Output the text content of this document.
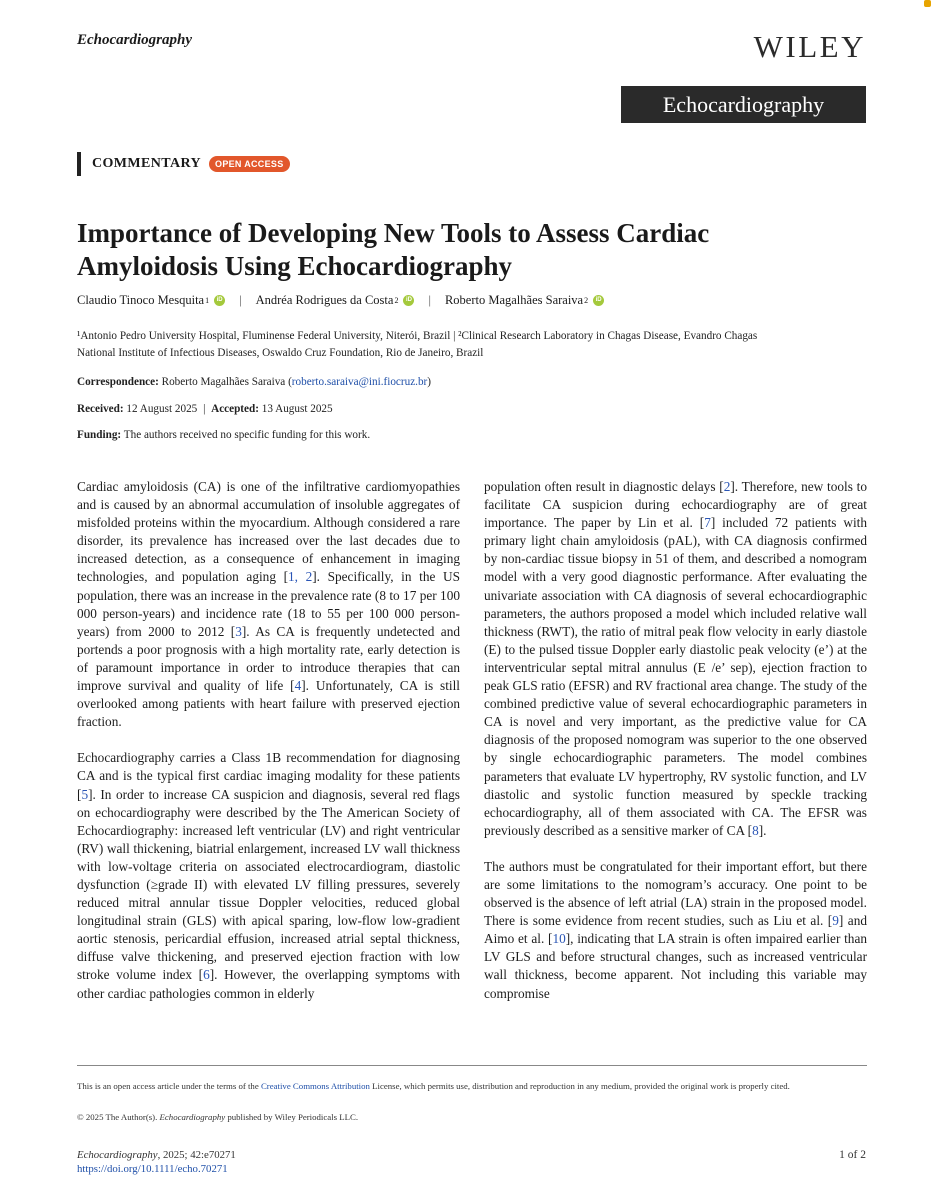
Echocardiography	WILEY
Echocardiography
COMMENTARY	OPEN ACCESS
Importance of Developing New Tools to Assess Cardiac Amyloidosis Using Echocardiography
Claudio Tinoco Mesquita 1	iD | Andréa Rodrigues da Costa 2	iD | Roberto Magalhães Saraiva 2	iD
¹Antonio Pedro University Hospital, Fluminense Federal University, Niterói, Brazil | ²Clinical Research Laboratory in Chagas Disease, Evandro Chagas
National Institute of Infectious Diseases, Oswaldo Cruz Foundation, Rio de Janeiro, Brazil
Correspondence: Roberto Magalhães Saraiva (roberto.saraiva@ini.fiocruz.br)
Received: 12 August 2025 | Accepted: 13 August 2025
Funding: The authors received no specific funding for this work.

Cardiac amyloidosis (CA) is one of the infiltrative cardiomyopathies and is caused by an abnormal accumulation of insoluble aggregates of misfolded proteins within the myocardium. Although considered a rare disorder, its prevalence has increased over the last decades due to increased detection, as a consequence of enhancement in imaging technologies, and population aging [1, 2]. Specifically, in the US population, there was an increase in the prevalence rate (8 to 17 per 100 000 person-years) and incidence rate (18 to 55 per 100 000 person-years) from 2000 to 2012 [3]. As CA is frequently undetected and portends a poor prognosis with a high mortality rate, early detection is of paramount importance in order to introduce therapies that can improve survival and quality of life [4]. Unfortunately, CA is still overlooked among patients with heart failure with preserved ejection fraction.

Echocardiography carries a Class 1B recommendation for diagnosing CA and is the typical first cardiac imaging modality for these patients [5]. In order to increase CA suspicion and diagnosis, several red flags on echocardiography were described by the The American Society of Echocardiography: increased left ventricular (LV) and right ventricular (RV) wall thickening, biatrial enlargement, increased LV wall thickness with low-voltage criteria on associated electrocardiogram, diastolic dysfunction (≥grade II) with elevated LV filling pressures, severely reduced mitral annular tissue Doppler velocities, reduced global longitudinal strain (GLS) with apical sparing, low-flow low-gradient aortic stenosis, pericardial effusion, increased atrial septal thickness, diffuse valve thickening, and preserved ejection fraction with low stroke volume index [6]. However, the overlapping symptoms with other cardiac pathologies common in elderly

population often result in diagnostic delays [2]. Therefore, new tools to facilitate CA suspicion during echocardiography are of great importance. The paper by Lin et al. [7] included 72 patients with primary light chain amyloidosis (pAL), with CA diagnosis confirmed by non-cardiac tissue biopsy in 51 of them, and described a nomogram model with a very good diagnostic performance. After evaluating the univariate association with CA diagnosis of several echocardiographic parameters, the authors proposed a model which included relative wall thickness (RWT), the ratio of mitral peak flow velocity in early diastole (E) to the pulsed tissue Doppler early diastolic peak velocity (e’) at the interventricular septal mitral annulus (E /e’ sep), ejection fraction to peak GLS ratio (EFSR) and RV fractional area change. The study of the combined predictive value of several echocardiographic parameters in CA is novel and very important, as the predictive value for CA diagnosis of the proposed nomogram was superior to the one observed by single echocardiographic parameters. The model combines parameters that evaluate LV hypertrophy, RV systolic function, and LV diastolic and systolic function measured by speckle tracking echocardiography, all of them associated with CA. The EFSR was previously described as a sensitive marker of CA [8].

The authors must be congratulated for their important effort, but there are some limitations to the nomogram’s accuracy. One point to be observed is the absence of left atrial (LA) strain in the proposed model. There is some evidence from recent studies, such as Liu et al. [9] and Aimo et al. [10], indicating that LA strain is often impaired earlier than LV GLS and before structural changes, such as increased ventricular wall thickness, become apparent. Not including this variable may compromise

This is an open access article under the terms of the Creative Commons Attribution License, which permits use, distribution and reproduction in any medium, provided the original work is properly cited.
© 2025 The Author(s). Echocardiography published by Wiley Periodicals LLC.
Echocardiography, 2025; 42:e70271
https://doi.org/10.1111/echo.70271
1 of 2
